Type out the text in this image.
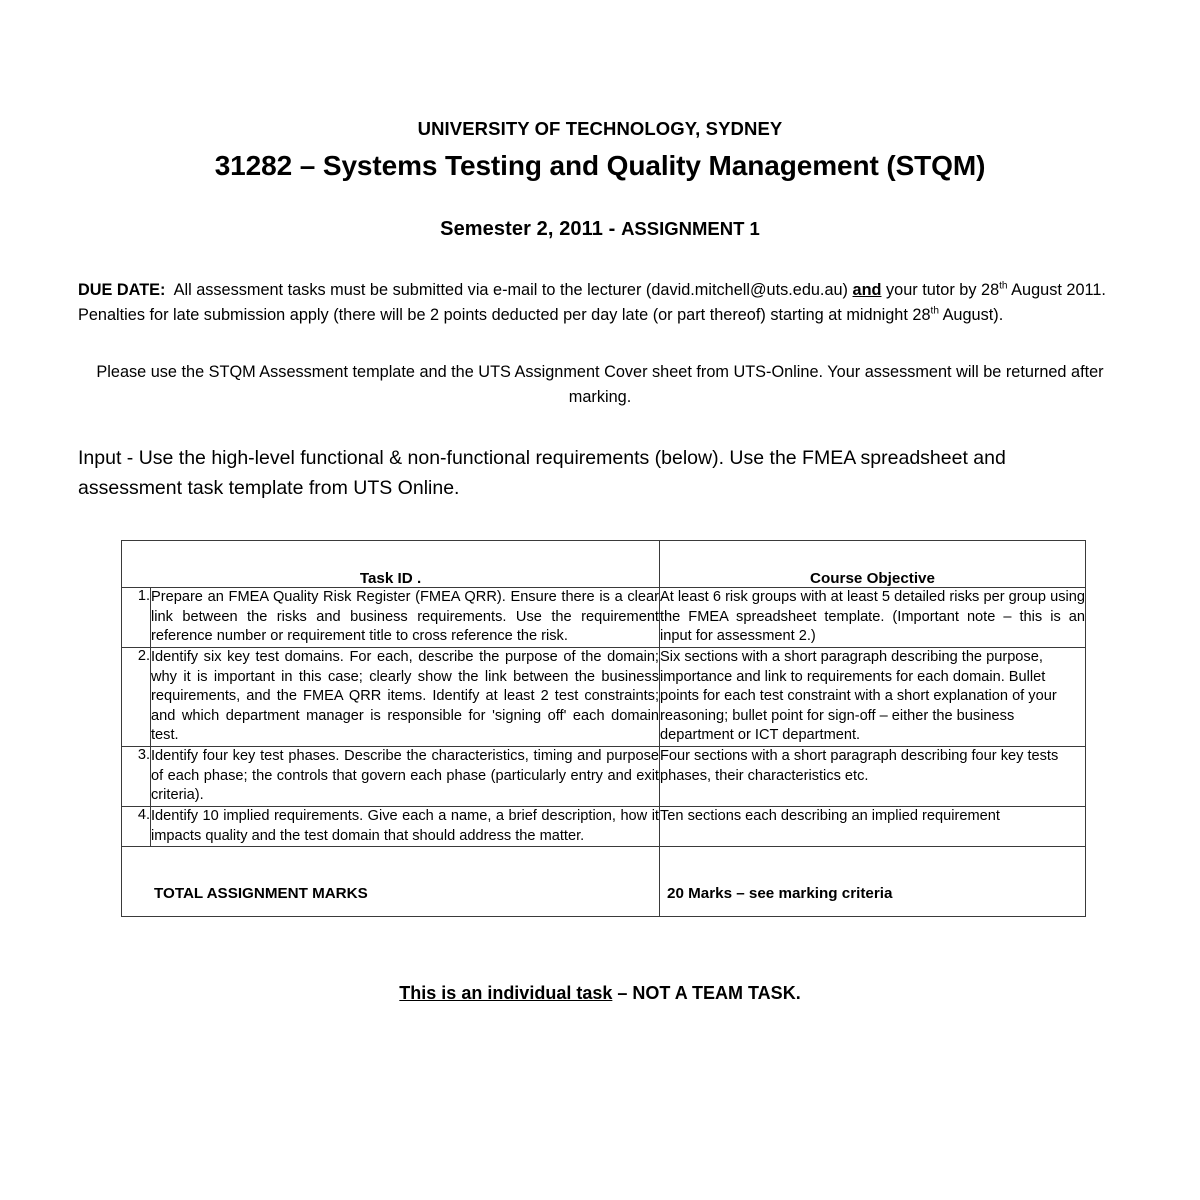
UNIVERSITY OF TECHNOLOGY, SYDNEY
31282 – Systems Testing and Quality Management (STQM)
Semester 2, 2011 - ASSIGNMENT 1
DUE DATE: All assessment tasks must be submitted via e-mail to the lecturer (david.mitchell@uts.edu.au) and your tutor by 28th August 2011. Penalties for late submission apply (there will be 2 points deducted per day late (or part thereof) starting at midnight 28th August).
Please use the STQM Assessment template and the UTS Assignment Cover sheet from UTS-Online. Your assessment will be returned after marking.
Input - Use the high-level functional & non-functional requirements (below). Use the FMEA spreadsheet and assessment task template from UTS Online.
Task ID .		Course Objective
1.	Prepare an FMEA Quality Risk Register (FMEA QRR). Ensure there is a clear link between the risks and business requirements. Use the requirement reference number or requirement title to cross reference the risk.	At least 6 risk groups with at least 5 detailed risks per group using the FMEA spreadsheet template. (Important note – this is an input for assessment 2.)
2.	Identify six key test domains. For each, describe the purpose of the domain; why it is important in this case; clearly show the link between the business requirements, and the FMEA QRR items. Identify at least 2 test constraints; and which department manager is responsible for 'signing off' each domain test.	Six sections with a short paragraph describing the purpose, importance and link to requirements for each domain. Bullet points for each test constraint with a short explanation of your reasoning; bullet point for sign-off – either the business department or ICT department.
3.	Identify four key test phases. Describe the characteristics, timing and purpose of each phase; the controls that govern each phase (particularly entry and exit criteria).	Four sections with a short paragraph describing four key tests phases, their characteristics etc.
4.	Identify 10 implied requirements. Give each a name, a brief description, how it impacts quality and the test domain that should address the matter.	Ten sections each describing an implied requirement
TOTAL ASSIGNMENT MARKS		20 Marks – see marking criteria
This is an individual task – NOT A TEAM TASK.
